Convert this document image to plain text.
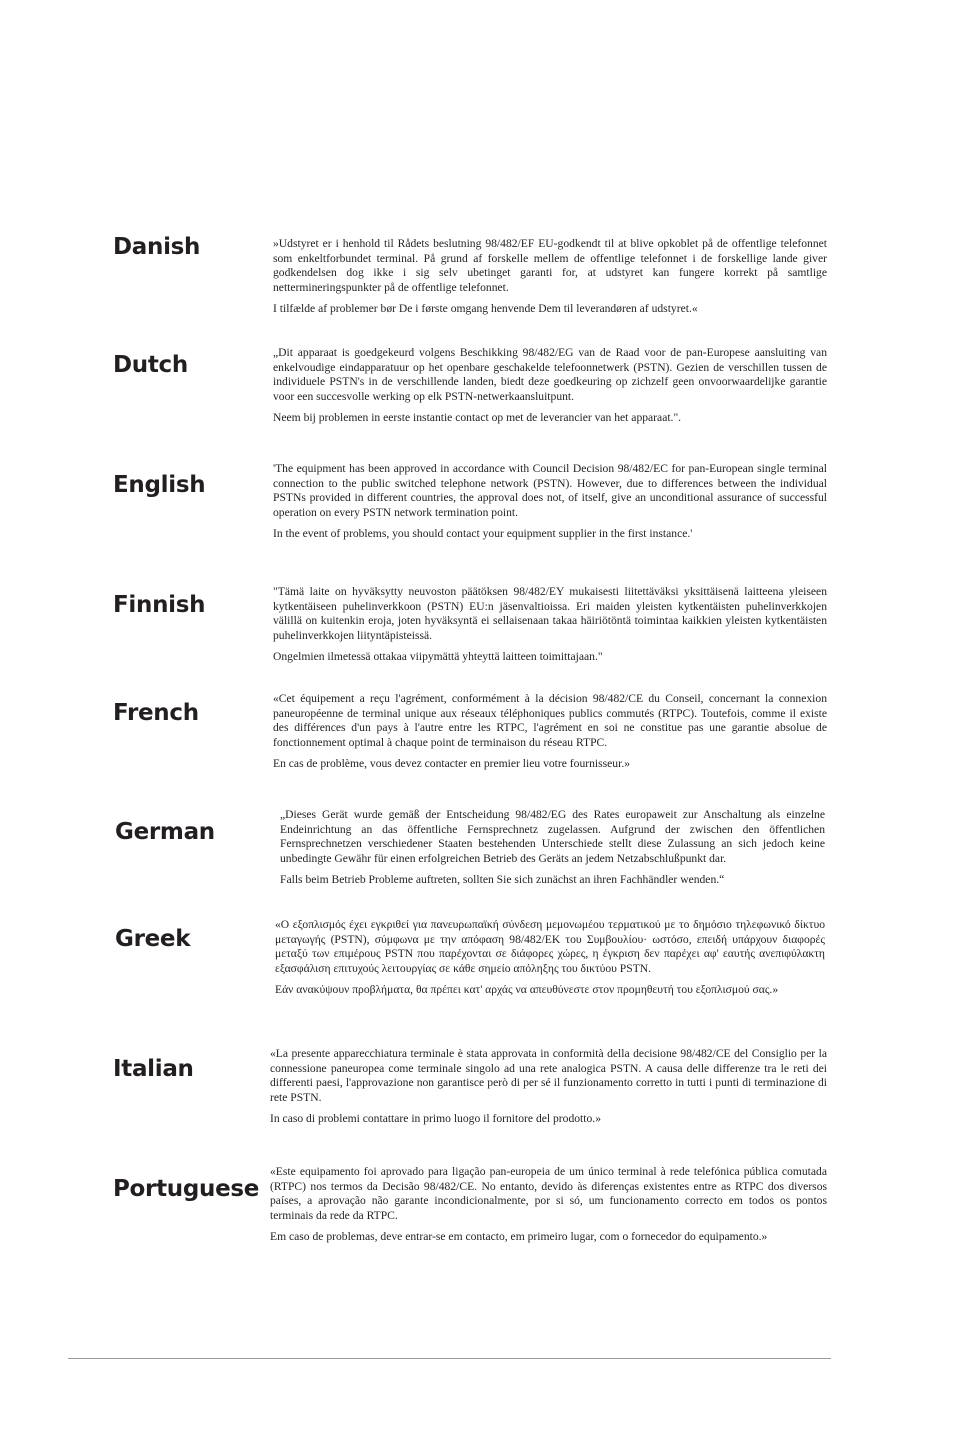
Danish	»Udstyret er i henhold til Rådets beslutning 98/482/EF EU-godkendt til at blive opkoblet på de offentlige telefonnet som enkeltforbundet terminal. På grund af forskelle mellem de offentlige telefonnet i de forskellige lande giver godkendelsen dog ikke i sig selv ubetinget garanti for, at udstyret kan fungere korrekt på samtlige nettermineringspunkter på de offentlige telefonnet.

I tilfælde af problemer bør De i første omgang henvende Dem til leverandøren af udstyret.«

Dutch	„Dit apparaat is goedgekeurd volgens Beschikking 98/482/EG van de Raad voor de pan-Europese aansluiting van enkelvoudige eindapparatuur op het openbare geschakelde telefoonnetwerk (PSTN). Gezien de verschillen tussen de individuele PSTN's in de verschillende landen, biedt deze goedkeuring op zichzelf geen onvoorwaardelijke garantie voor een succesvolle werking op elk PSTN-netwerkaansluitpunt.

Neem bij problemen in eerste instantie contact op met de leverancier van het apparaat.".

English

'The equipment has been approved in accordance with Council Decision 98/482/EC for pan-European single terminal connection to the public switched telephone network (PSTN). However, due to differences between the individual PSTNs provided in different countries, the approval does not, of itself, give an unconditional assurance of successful operation on every PSTN network termination point.

In the event of problems, you should contact your equipment supplier in the first instance.'

Finnish

"Tämä laite on hyväksytty neuvoston päätöksen 98/482/EY mukaisesti liitettäväksi yksittäisenä laitteena yleiseen kytkentäiseen puhelinverkkoon (PSTN) EU:n jäsenvaltioissa. Eri maiden yleisten kytkentäisten puhelinverkkojen välillä on kuitenkin eroja, joten hyväksyntä ei sellaisenaan takaa häiriötöntä toimintaa kaikkien yleisten kytkentäisten puhelinverkkojen liityntäpisteissä.

Ongelmien ilmetessä ottakaa viipymättä yhteyttä laitteen toimittajaan."

French

«Cet équipement a reçu l'agrément, conformément à la décision 98/482/CE du Conseil, concernant la connexion paneuropéenne de terminal unique aux réseaux téléphoniques publics commutés (RTPC). Toutefois, comme il existe des différences d'un pays à l'autre entre les RTPC, l'agrément en soi ne constitue pas une garantie absolue de fonctionnement optimal à chaque point de terminaison du réseau RTPC.

En cas de problème, vous devez contacter en premier lieu votre fournisseur.»

German

„Dieses Gerät wurde gemäß der Entscheidung 98/482/EG des Rates europaweit zur Anschaltung als einzelne Endeinrichtung an das öffentliche Fernsprechnetz zugelassen. Aufgrund der zwischen den öffentlichen Fernsprechnetzen verschiedener Staaten bestehenden Unterschiede stellt diese Zulassung an sich jedoch keine unbedingte Gewähr für einen erfolgreichen Betrieb des Geräts an jedem Netzabschlußpunkt dar.

Falls beim Betrieb Probleme auftreten, sollten Sie sich zunächst an ihren Fachhändler wenden.“

Greek

«Ο εξοπλισμός έχει εγκριθεί για πανευρωπαϊκή σύνδεση μεμονωμέου τερματικού με το δημόσιο τηλεφωνικό δίκτυο μεταγωγής (PSTN), σύμφωνα με την απόφαση 98/482/ΕΚ του Συμβουλίου· ωστόσο, επειδή υπάρχουν διαφορές μεταξύ των επιμέρους PSTN που παρέχονται σε διάφορες χώρες, η έγκριση δεν παρέχει αφ' εαυτής ανεπιφύλακτη εξασφάλιση επιτυχούς λειτουργίας σε κάθε σημείο απόληξης του δικτύου PSTN.

Εάν ανακύψουν προβλήματα, θα πρέπει κατ' αρχάς να απευθύνεστε στον προμηθευτή του εξοπλισμού σας.»

Italian

«La presente apparecchiatura terminale è stata approvata in conformità della decisione 98/482/CE del Consiglio per la connessione paneuropea come terminale singolo ad una rete analogica PSTN. A causa delle differenze tra le reti dei differenti paesi, l'approvazione non garantisce però di per sé il funzionamento corretto in tutti i punti di terminazione di rete PSTN.

In caso di problemi contattare in primo luogo il fornitore del prodotto.»

Portuguese

«Este equipamento foi aprovado para ligação pan-europeia de um único terminal à rede telefónica pública comutada (RTPC) nos termos da Decisão 98/482/CE. No entanto, devido às diferenças existentes entre as RTPC dos diversos países, a aprovação não garante incondicionalmente, por si só, um funcionamento correcto em todos os pontos terminais da rede da RTPC.

Em caso de problemas, deve entrar-se em contacto, em primeiro lugar, com o fornecedor do equipamento.»
